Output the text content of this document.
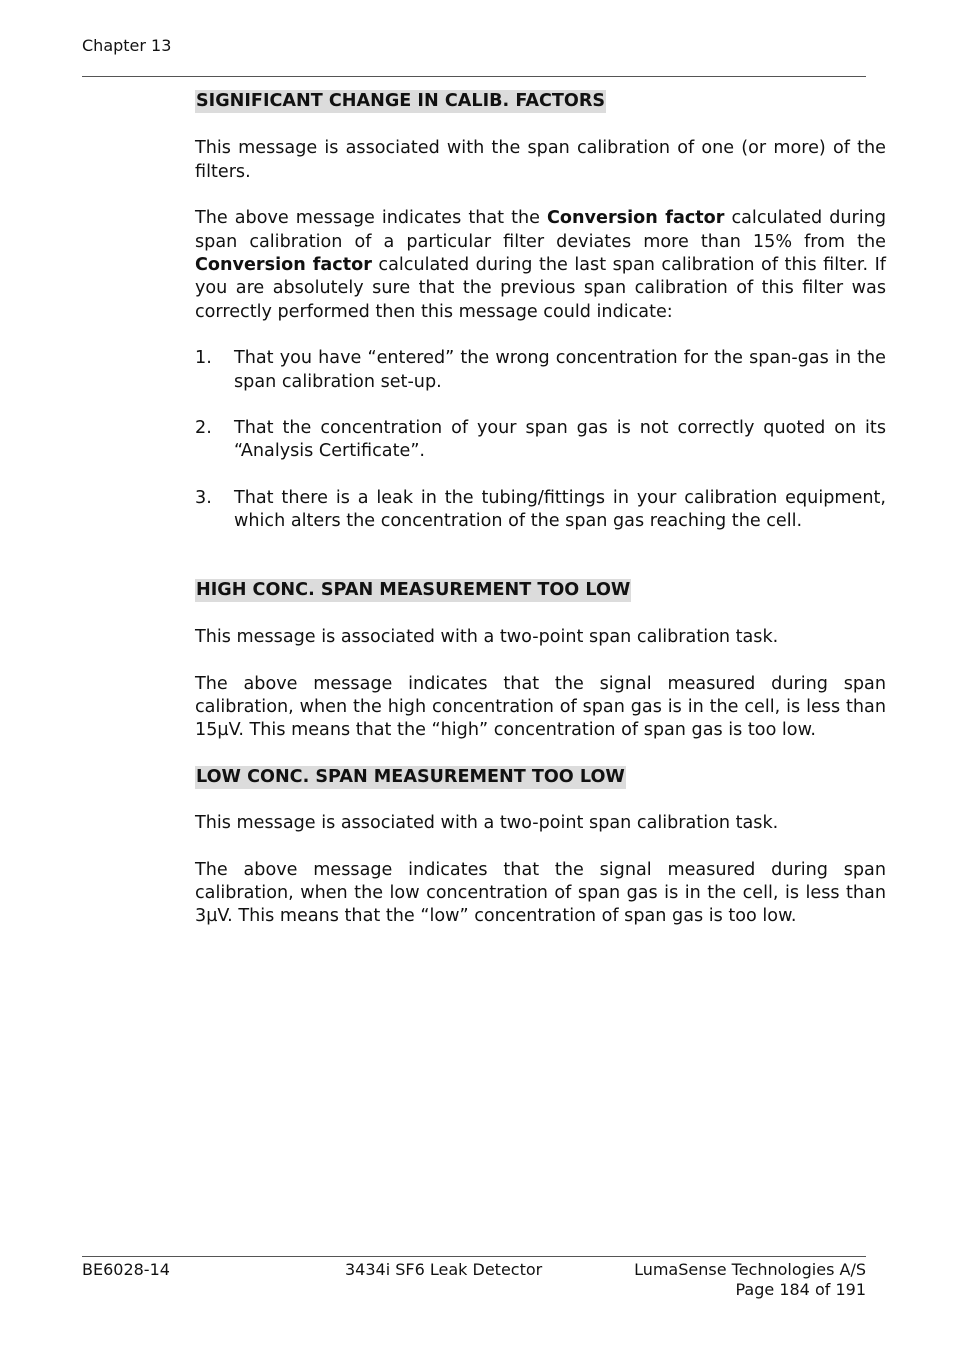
Chapter 13
SIGNIFICANT CHANGE IN CALIB. FACTORS

This message is associated with the span calibration of one (or more) of the filters.

The above message indicates that the Conversion factor calculated during span calibration of a particular filter deviates more than 15% from the Conversion factor calculated during the last span calibration of this filter. If you are absolutely sure that the previous span calibration of this filter was correctly performed then this message could indicate:

1. That you have “entered” the wrong concentration for the span-gas in the span calibration set-up.
2. That the concentration of your span gas is not correctly quoted on its “Analysis Certificate”.
3. That there is a leak in the tubing/fittings in your calibration equipment, which alters the concentration of the span gas reaching the cell.
HIGH CONC. SPAN MEASUREMENT TOO LOW

This message is associated with a two-point span calibration task.

The above message indicates that the signal measured during span calibration, when the high concentration of span gas is in the cell, is less than 15µV. This means that the “high” concentration of span gas is too low.

LOW CONC. SPAN MEASUREMENT TOO LOW

This message is associated with a two-point span calibration task.

The above message indicates that the signal measured during span calibration, when the low concentration of span gas is in the cell, is less than 3µV. This means that the “low” concentration of span gas is too low.

BE6028-14	3434i SF6 Leak Detector	LumaSense Technologies A/S
Page 184 of 191
